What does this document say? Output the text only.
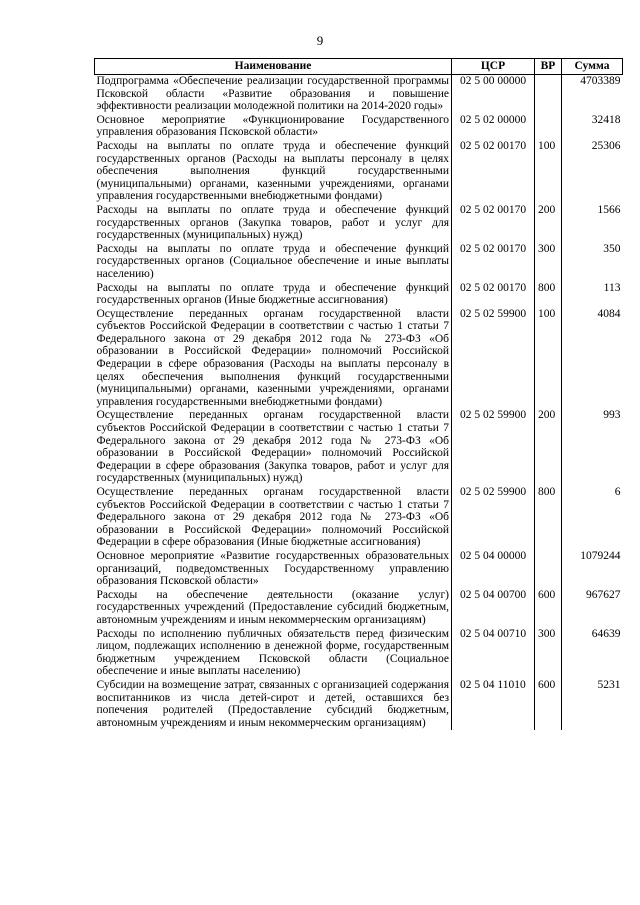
9
Наименование	ЦСР	ВР	Сумма
Подпрограмма «Обеспечение реализации государственной программы Псковской области «Развитие образования и повышение эффективности реализации молодежной политики на 2014-2020 годы»	02 5 00 00000		4703389
Основное мероприятие «Функционирование Государственного управления образования Псковской области»	02 5 02 00000		32418
Расходы на выплаты по оплате труда и обеспечение функций государственных органов (Расходы на выплаты персоналу в целях обеспечения выполнения функций государственными (муниципальными) органами, казенными учреждениями, органами управления государственными внебюджетными фондами)	02 5 02 00170	100	25306
Расходы на выплаты по оплате труда и обеспечение функций государственных органов (Закупка товаров, работ и услуг для государственных (муниципальных) нужд)	02 5 02 00170	200	1566
Расходы на выплаты по оплате труда и обеспечение функций государственных органов (Социальное обеспечение и иные выплаты населению)	02 5 02 00170	300	350
Расходы на выплаты по оплате труда и обеспечение функций государственных органов (Иные бюджетные ассигнования)	02 5 02 00170	800	113
Осуществление переданных органам государственной власти субъектов Российской Федерации в соответствии с частью 1 статьи 7 Федерального закона от 29 декабря 2012 года № 273-ФЗ «Об образовании в Российской Федерации» полномочий Российской Федерации в сфере образования (Расходы на выплаты персоналу в целях обеспечения выполнения функций государственными (муниципальными) органами, казенными учреждениями, органами управления государственными внебюджетными фондами)	02 5 02 59900	100	4084
Осуществление переданных органам государственной власти субъектов Российской Федерации в соответствии с частью 1 статьи 7 Федерального закона от 29 декабря 2012 года № 273-ФЗ «Об образовании в Российской Федерации» полномочий Российской Федерации в сфере образования (Закупка товаров, работ и услуг для государственных (муниципальных) нужд)	02 5 02 59900	200	993
Осуществление переданных органам государственной власти субъектов Российской Федерации в соответствии с частью 1 статьи 7 Федерального закона от 29 декабря 2012 года № 273-ФЗ «Об образовании в Российской Федерации» полномочий Российской Федерации в сфере образования (Иные бюджетные ассигнования)	02 5 02 59900	800	6
Основное мероприятие «Развитие государственных образовательных организаций, подведомственных Государственному управлению образования Псковской области»	02 5 04 00000		1079244
Расходы на обеспечение деятельности (оказание услуг) государственных учреждений (Предоставление субсидий бюджетным, автономным учреждениям и иным некоммерческим организациям)	02 5 04 00700	600	967627
Расходы по исполнению публичных обязательств перед физическим лицом, подлежащих исполнению в денежной форме, государственным бюджетным учреждением Псковской области (Социальное обеспечение и иные выплаты населению)	02 5 04 00710	300	64639
Субсидии на возмещение затрат, связанных с организацией содержания воспитанников из числа детей-сирот и детей, оставшихся без попечения родителей (Предоставление субсидий бюджетным, автономным учреждениям и иным некоммерческим организациям)	02 5 04 11010	600	5231
